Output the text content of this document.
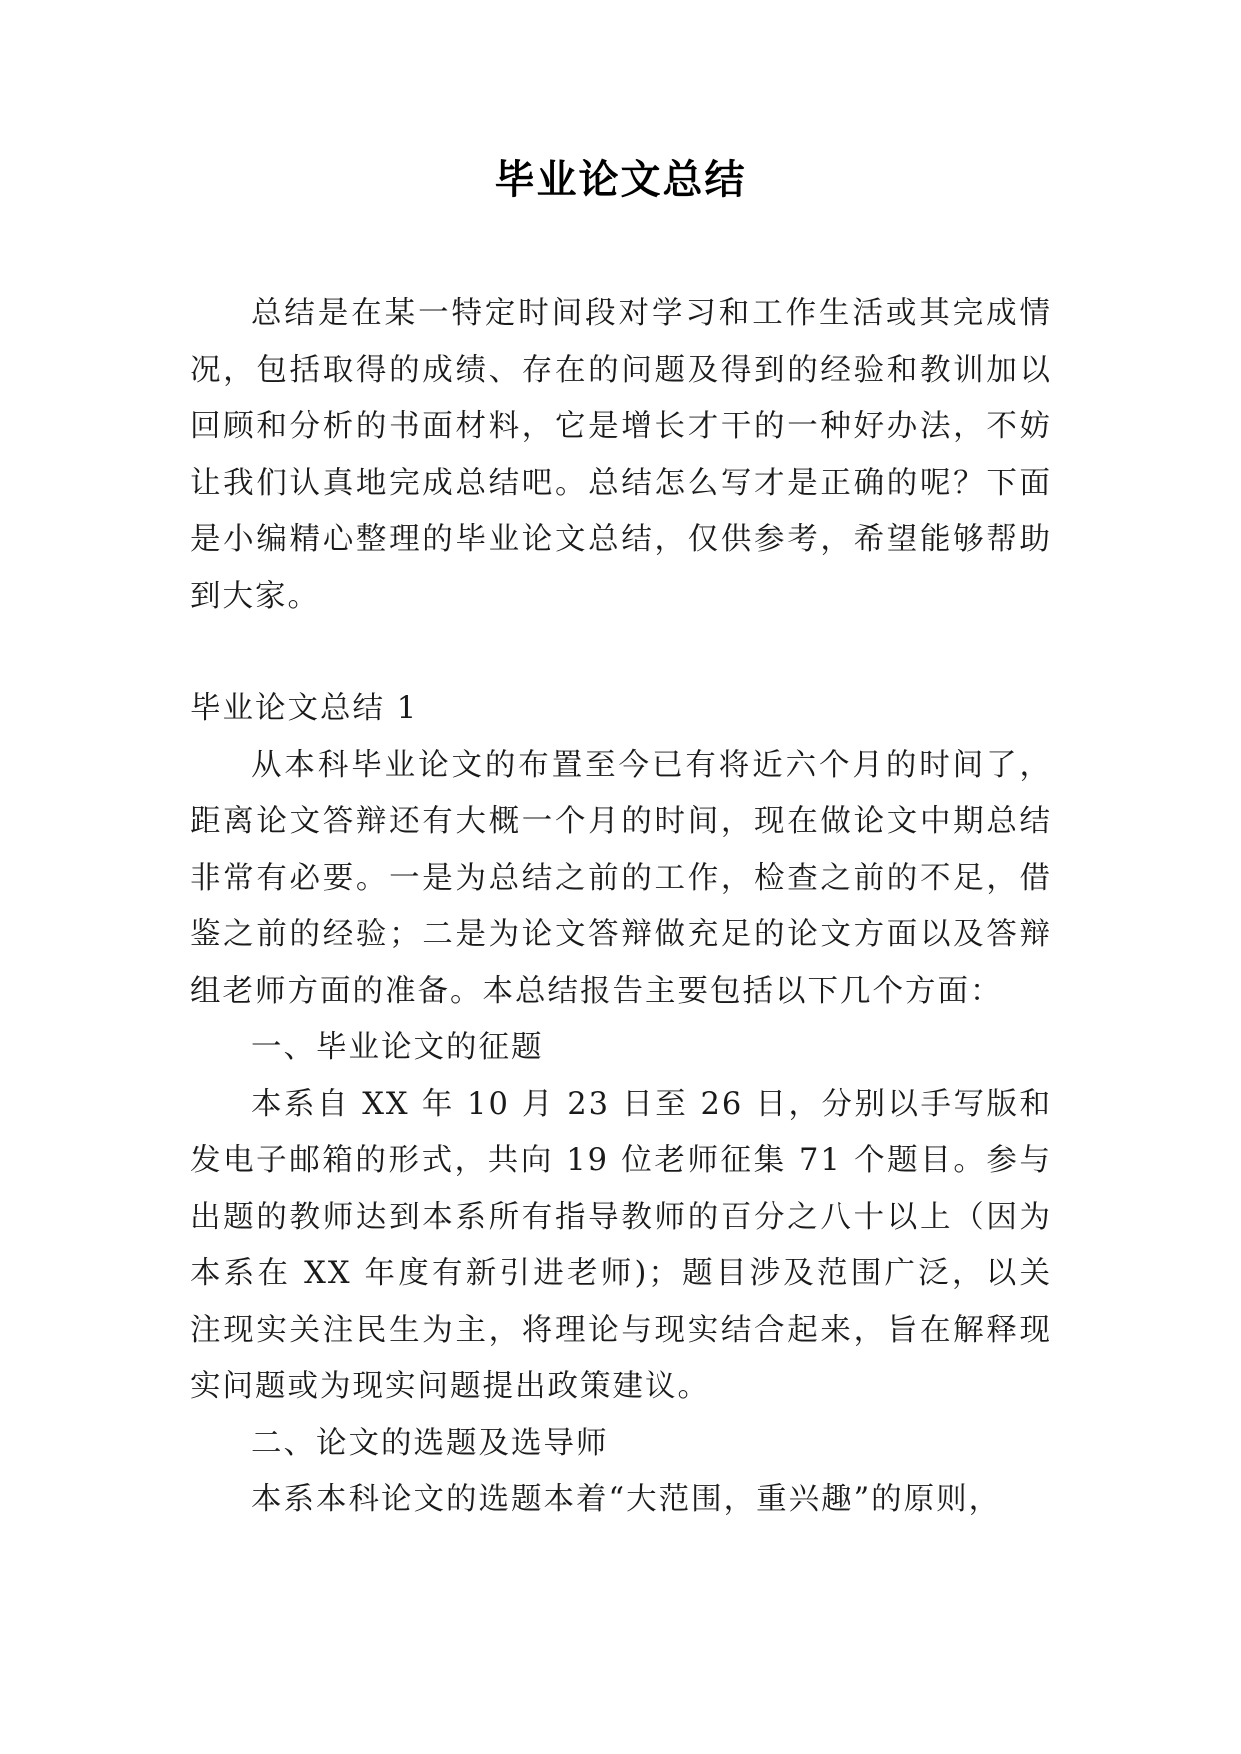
毕业论文总结

总结是在某一特定时间段对学习和工作生活或其完成情况，包括取得的成绩、存在的问题及得到的经验和教训加以回顾和分析的书面材料，它是增长才干的一种好办法，不妨让我们认真地完成总结吧。总结怎么写才是正确的呢？下面是小编精心整理的毕业论文总结，仅供参考，希望能够帮助到大家。

毕业论文总结 1

从本科毕业论文的布置至今已有将近六个月的时间了，距离论文答辩还有大概一个月的时间，现在做论文中期总结非常有必要。一是为总结之前的工作，检查之前的不足，借鉴之前的经验；二是为论文答辩做充足的论文方面以及答辩组老师方面的准备。本总结报告主要包括以下几个方面：

一、毕业论文的征题

本系自 XX 年 10 月 23 日至 26 日，分别以手写版和发电子邮箱的形式，共向 19 位老师征集 71 个题目。参与出题的教师达到本系所有指导教师的百分之八十以上（因为本系在 XX 年度有新引进老师)；题目涉及范围广泛，以关注现实关注民生为主，将理论与现实结合起来，旨在解释现实问题或为现实问题提出政策建议。

二、论文的选题及选导师

本系本科论文的选题本着“大范围，重兴趣”的原则，
